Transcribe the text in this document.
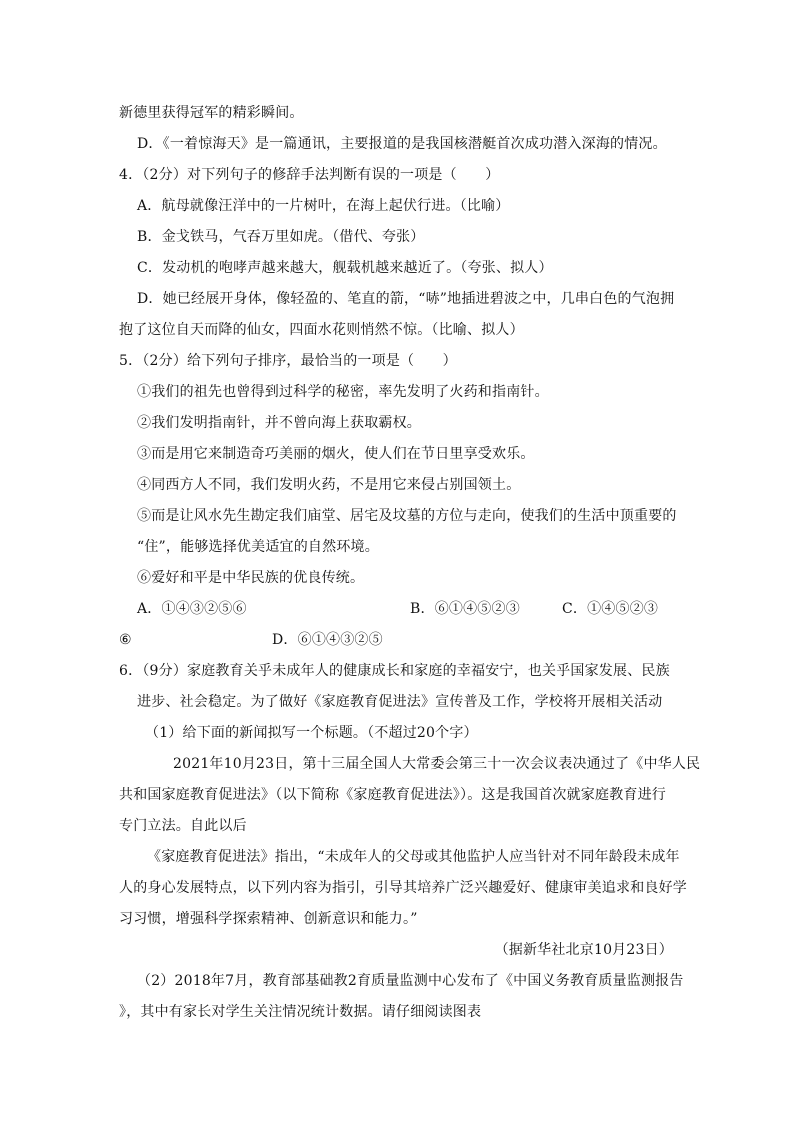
新德里获得冠军的精彩瞬间。
D．《一着惊海天》是一篇通讯，主要报道的是我国核潜艇首次成功潜入深海的情况。
4．（2分）对下列句子的修辞手法判断有误的一项是（　　）
A．航母就像汪洋中的一片树叶，在海上起伏行进。（比喻）
B．金戈铁马，气吞万里如虎。（借代、夸张）
C．发动机的咆哮声越来越大，舰载机越来越近了。（夸张、拟人）
D．她已经展开身体，像轻盈的、笔直的箭，“哧”地插进碧波之中，几串白色的气泡拥
抱了这位自天而降的仙女，四面水花则悄然不惊。（比喻、拟人）
5．（2分）给下列句子排序，最恰当的一项是（　　）
①我们的祖先也曾得到过科学的秘密，率先发明了火药和指南针。
②我们发明指南针，并不曾向海上获取霸权。
③而是用它来制造奇巧美丽的烟火，使人们在节日里享受欢乐。
④同西方人不同，我们发明火药，不是用它来侵占别国领土。
⑤而是让风水先生勘定我们庙堂、居宅及坟墓的方位与走向，使我们的生活中顶重要的
“住”，能够选择优美适宜的自然环境。
⑥爱好和平是中华民族的优良传统。
A．①④③②⑤⑥	B．⑥①④⑤②③	C．①④⑤②③
⑥	D．⑥①④③②⑤
6．（9分）家庭教育关乎未成年人的健康成长和家庭的幸福安宁，也关乎国家发展、民族
进步、社会稳定。为了做好《家庭教育促进法》宣传普及工作，学校将开展相关活动
（1）给下面的新闻拟写一个标题。（不超过20个字）
2021年10月23日，第十三届全国人大常委会第三十一次会议表决通过了《中华人民
共和国家庭教育促进法》（以下简称《家庭教育促进法》）。这是我国首次就家庭教育进行
专门立法。自此以后
《家庭教育促进法》指出，“未成年人的父母或其他监护人应当针对不同年龄段未成年
人的身心发展特点，以下列内容为指引，引导其培养广泛兴趣爱好、健康审美追求和良好学
习习惯，增强科学探索精神、创新意识和能力。”
（据新华社北京10月23日）
（2）2018年7月，教育部基础教2育质量监测中心发布了《中国义务教育质量监测报告
》，其中有家长对学生关注情况统计数据。请仔细阅读图表
